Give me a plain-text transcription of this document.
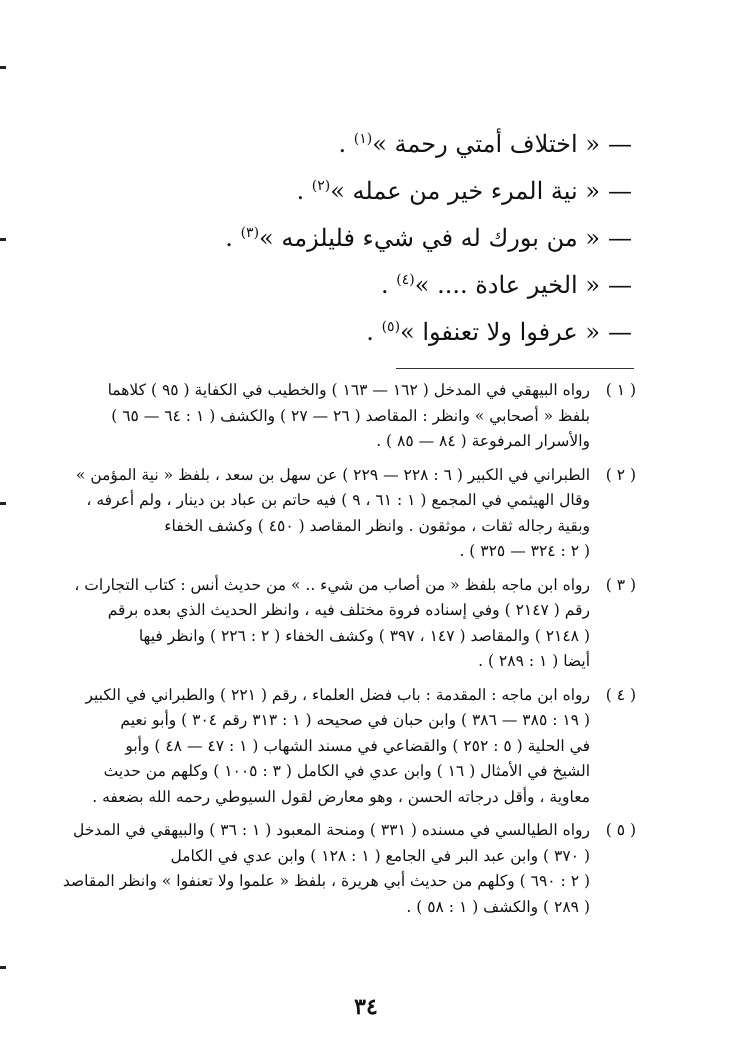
—« اختلاف أمتي رحمة »$^{(١)}$ .
—« نية المرء خير من عمله »$^{(٢)}$ .
—« من بورك له في شيء فليلزمه »$^{(٣)}$ .
—« الخير عادة .... »$^{(٤)}$ .
—« عرفوا ولا تعنفوا »$^{(٥)}$ .
( ١ )
رواه البيهقي في المدخل ( ١٦٢ — ١٦٣ ) والخطيب في الكفاية ( ٩٥ ) كلاهما
بلفظ « أصحابي » وانظر : المقاصد ( ٢٦ — ٢٧ ) والكشف ( ١ : ٦٤ — ٦٥ )
والأسرار المرفوعة ( ٨٤ — ٨٥ ) .
( ٢ )
الطبراني في الكبير ( ٦ : ٢٢٨ — ٢٢٩ ) عن سهل بن سعد ، بلفظ « نية المؤمن »
وقال الهيثمي في المجمع ( ١ : ٦١ ، ٩ ) فيه حاتم بن عباد بن دينار ، ولم أعرفه ،
وبقية رجاله ثقات ، موثقون . وانظر المقاصد ( ٤٥٠ ) وكشف الخفاء
( ٢ : ٣٢٤ — ٣٢٥ ) .
( ٣ )
رواه ابن ماجه بلفظ « من أصاب من شيء .. » من حديث أنس : كتاب التجارات ،
رقم ( ٢١٤٧ ) وفي إسناده فروة مختلف فيه ، وانظر الحديث الذي بعده برقم
( ٢١٤٨ ) والمقاصد ( ١٤٧ ، ٣٩٧ ) وكشف الخفاء ( ٢ : ٢٢٦ ) وانظر فيها
أيضا ( ١ : ٢٨٩ ) .
( ٤ )
رواه ابن ماجه : المقدمة : باب فضل العلماء ، رقم ( ٢٢١ ) والطبراني في الكبير
( ١٩ : ٣٨٥ — ٣٨٦ ) وابن حبان في صحيحه ( ١ : ٣١٣ رقم ٣٠٤ ) وأبو نعيم
في الحلية ( ٥ : ٢٥٢ ) والقضاعي في مسند الشهاب ( ١ : ٤٧ — ٤٨ ) وأبو
الشيخ في الأمثال ( ١٦ ) وابن عدي في الكامل ( ٣ : ١٠٠٥ ) وكلهم من حديث
معاوية ، وأقل درجاته الحسن ، وهو معارض لقول السيوطي رحمه الله بضعفه .
( ٥ )
رواه الطيالسي في مسنده ( ٣٣١ ) ومنحة المعبود ( ١ : ٣٦ ) والبيهقي في المدخل
( ٣٧٠ ) وابن عبد البر في الجامع ( ١ : ١٢٨ ) وابن عدي في الكامل
( ٢ : ٦٩٠ ) وكلهم من حديث أبي هريرة ، بلفظ « علموا ولا تعنفوا » وانظر المقاصد
( ٢٨٩ ) والكشف ( ١ : ٥٨ ) .
٣٤
